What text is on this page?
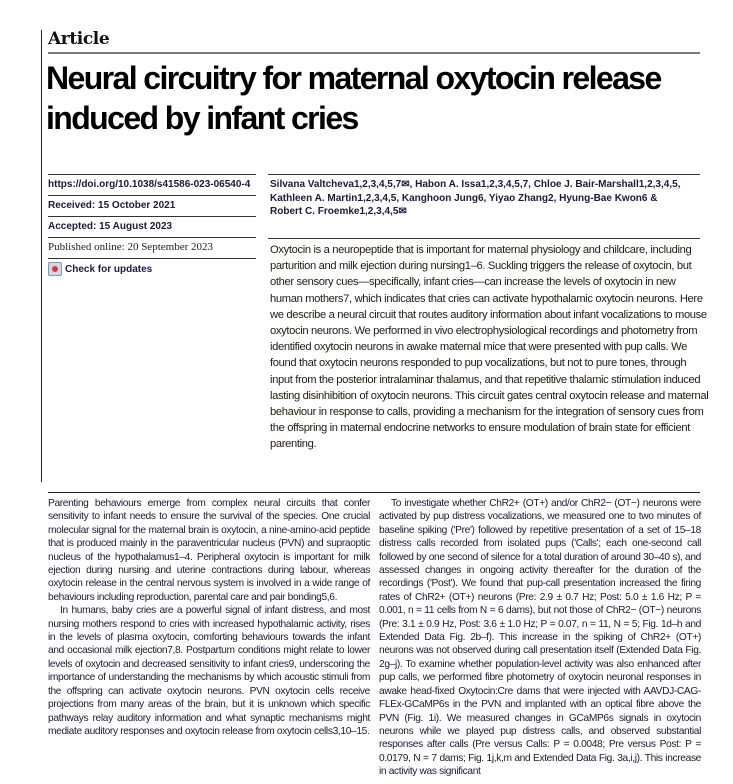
Article
Neural circuitry for maternal oxytocin release induced by infant cries
https://doi.org/10.1038/s41586-023-06540-4
Received: 15 October 2021
Accepted: 15 August 2023
Published online: 20 September 2023
Check for updates
Silvana Valtcheva1,2,3,4,5,7✉, Habon A. Issa1,2,3,4,5,7, Chloe J. Bair-Marshall1,2,3,4,5,
Kathleen A. Martin1,2,3,4,5, Kanghoon Jung6, Yiyao Zhang2, Hyung-Bae Kwon6 &
Robert C. Froemke1,2,3,4,5✉

Oxytocin is a neuropeptide that is important for maternal physiology and childcare, including parturition and milk ejection during nursing1–6. Suckling triggers the release of oxytocin, but other sensory cues—specifically, infant cries—can increase the levels of oxytocin in new human mothers7, which indicates that cries can activate hypothalamic oxytocin neurons. Here we describe a neural circuit that routes auditory information about infant vocalizations to mouse oxytocin neurons. We performed in vivo electrophysiological recordings and photometry from identified oxytocin neurons in awake maternal mice that were presented with pup calls. We found that oxytocin neurons responded to pup vocalizations, but not to pure tones, through input from the posterior intralaminar thalamus, and that repetitive thalamic stimulation induced lasting disinhibition of oxytocin neurons. This circuit gates central oxytocin release and maternal behaviour in response to calls, providing a mechanism for the integration of sensory cues from the offspring in maternal endocrine networks to ensure modulation of brain state for efficient parenting.

Parenting behaviours emerge from complex neural circuits that confer sensitivity to infant needs to ensure the survival of the species. One crucial molecular signal for the maternal brain is oxytocin, a nine-amino-acid peptide that is produced mainly in the paraventricular nucleus (PVN) and supraoptic nucleus of the hypothalamus1–4. Peripheral oxytocin is important for milk ejection during nursing and uterine contractions during labour, whereas oxytocin release in the central nervous system is involved in a wide range of behaviours including reproduction, parental care and pair bonding5,6.

In humans, baby cries are a powerful signal of infant distress, and most nursing mothers respond to cries with increased hypothalamic activity, rises in the levels of plasma oxytocin, comforting behaviours towards the infant and occasional milk ejection7,8. Postpartum conditions might relate to lower levels of oxytocin and decreased sensitivity to infant cries9, underscoring the importance of understanding the mechanisms by which acoustic stimuli from the offspring can activate oxytocin neurons. PVN oxytocin cells receive projections from many areas of the brain, but it is unknown which specific pathways relay auditory information and what synaptic mechanisms might mediate auditory responses and oxytocin release from oxytocin cells3,10–15.

To investigate whether ChR2+ (OT+) and/or ChR2− (OT−) neurons were activated by pup distress vocalizations, we measured one to two minutes of baseline spiking ('Pre') followed by repetitive presentation of a set of 15–18 distress calls recorded from isolated pups ('Calls'; each one-second call followed by one second of silence for a total duration of around 30–40 s), and assessed changes in ongoing activity thereafter for the duration of the recordings ('Post'). We found that pup-call presentation increased the firing rates of ChR2+ (OT+) neurons (Pre: 2.9 ± 0.7 Hz; Post: 5.0 ± 1.6 Hz; P = 0.001, n = 11 cells from N = 6 dams), but not those of ChR2− (OT−) neurons (Pre: 3.1 ± 0.9 Hz, Post: 3.6 ± 1.0 Hz; P = 0.07, n = 11, N = 5; Fig. 1d–h and Extended Data Fig. 2b–f). This increase in the spiking of ChR2+ (OT+) neurons was not observed during call presentation itself (Extended Data Fig. 2g–j). To examine whether population-level activity was also enhanced after pup calls, we performed fibre photometry of oxytocin neuronal responses in awake head-fixed Oxytocin:Cre dams that were injected with AAVDJ-CAG-FLEx-GCaMP6s in the PVN and implanted with an optical fibre above the PVN (Fig. 1i). We measured changes in GCaMP6s signals in oxytocin neurons while we played pup distress calls, and observed substantial responses after calls (Pre versus Calls: P = 0.0048; Pre versus Post: P = 0.0179, N = 7 dams; Fig. 1j,k,m and Extended Data Fig. 3a,i,j). This increase in activity was significant
